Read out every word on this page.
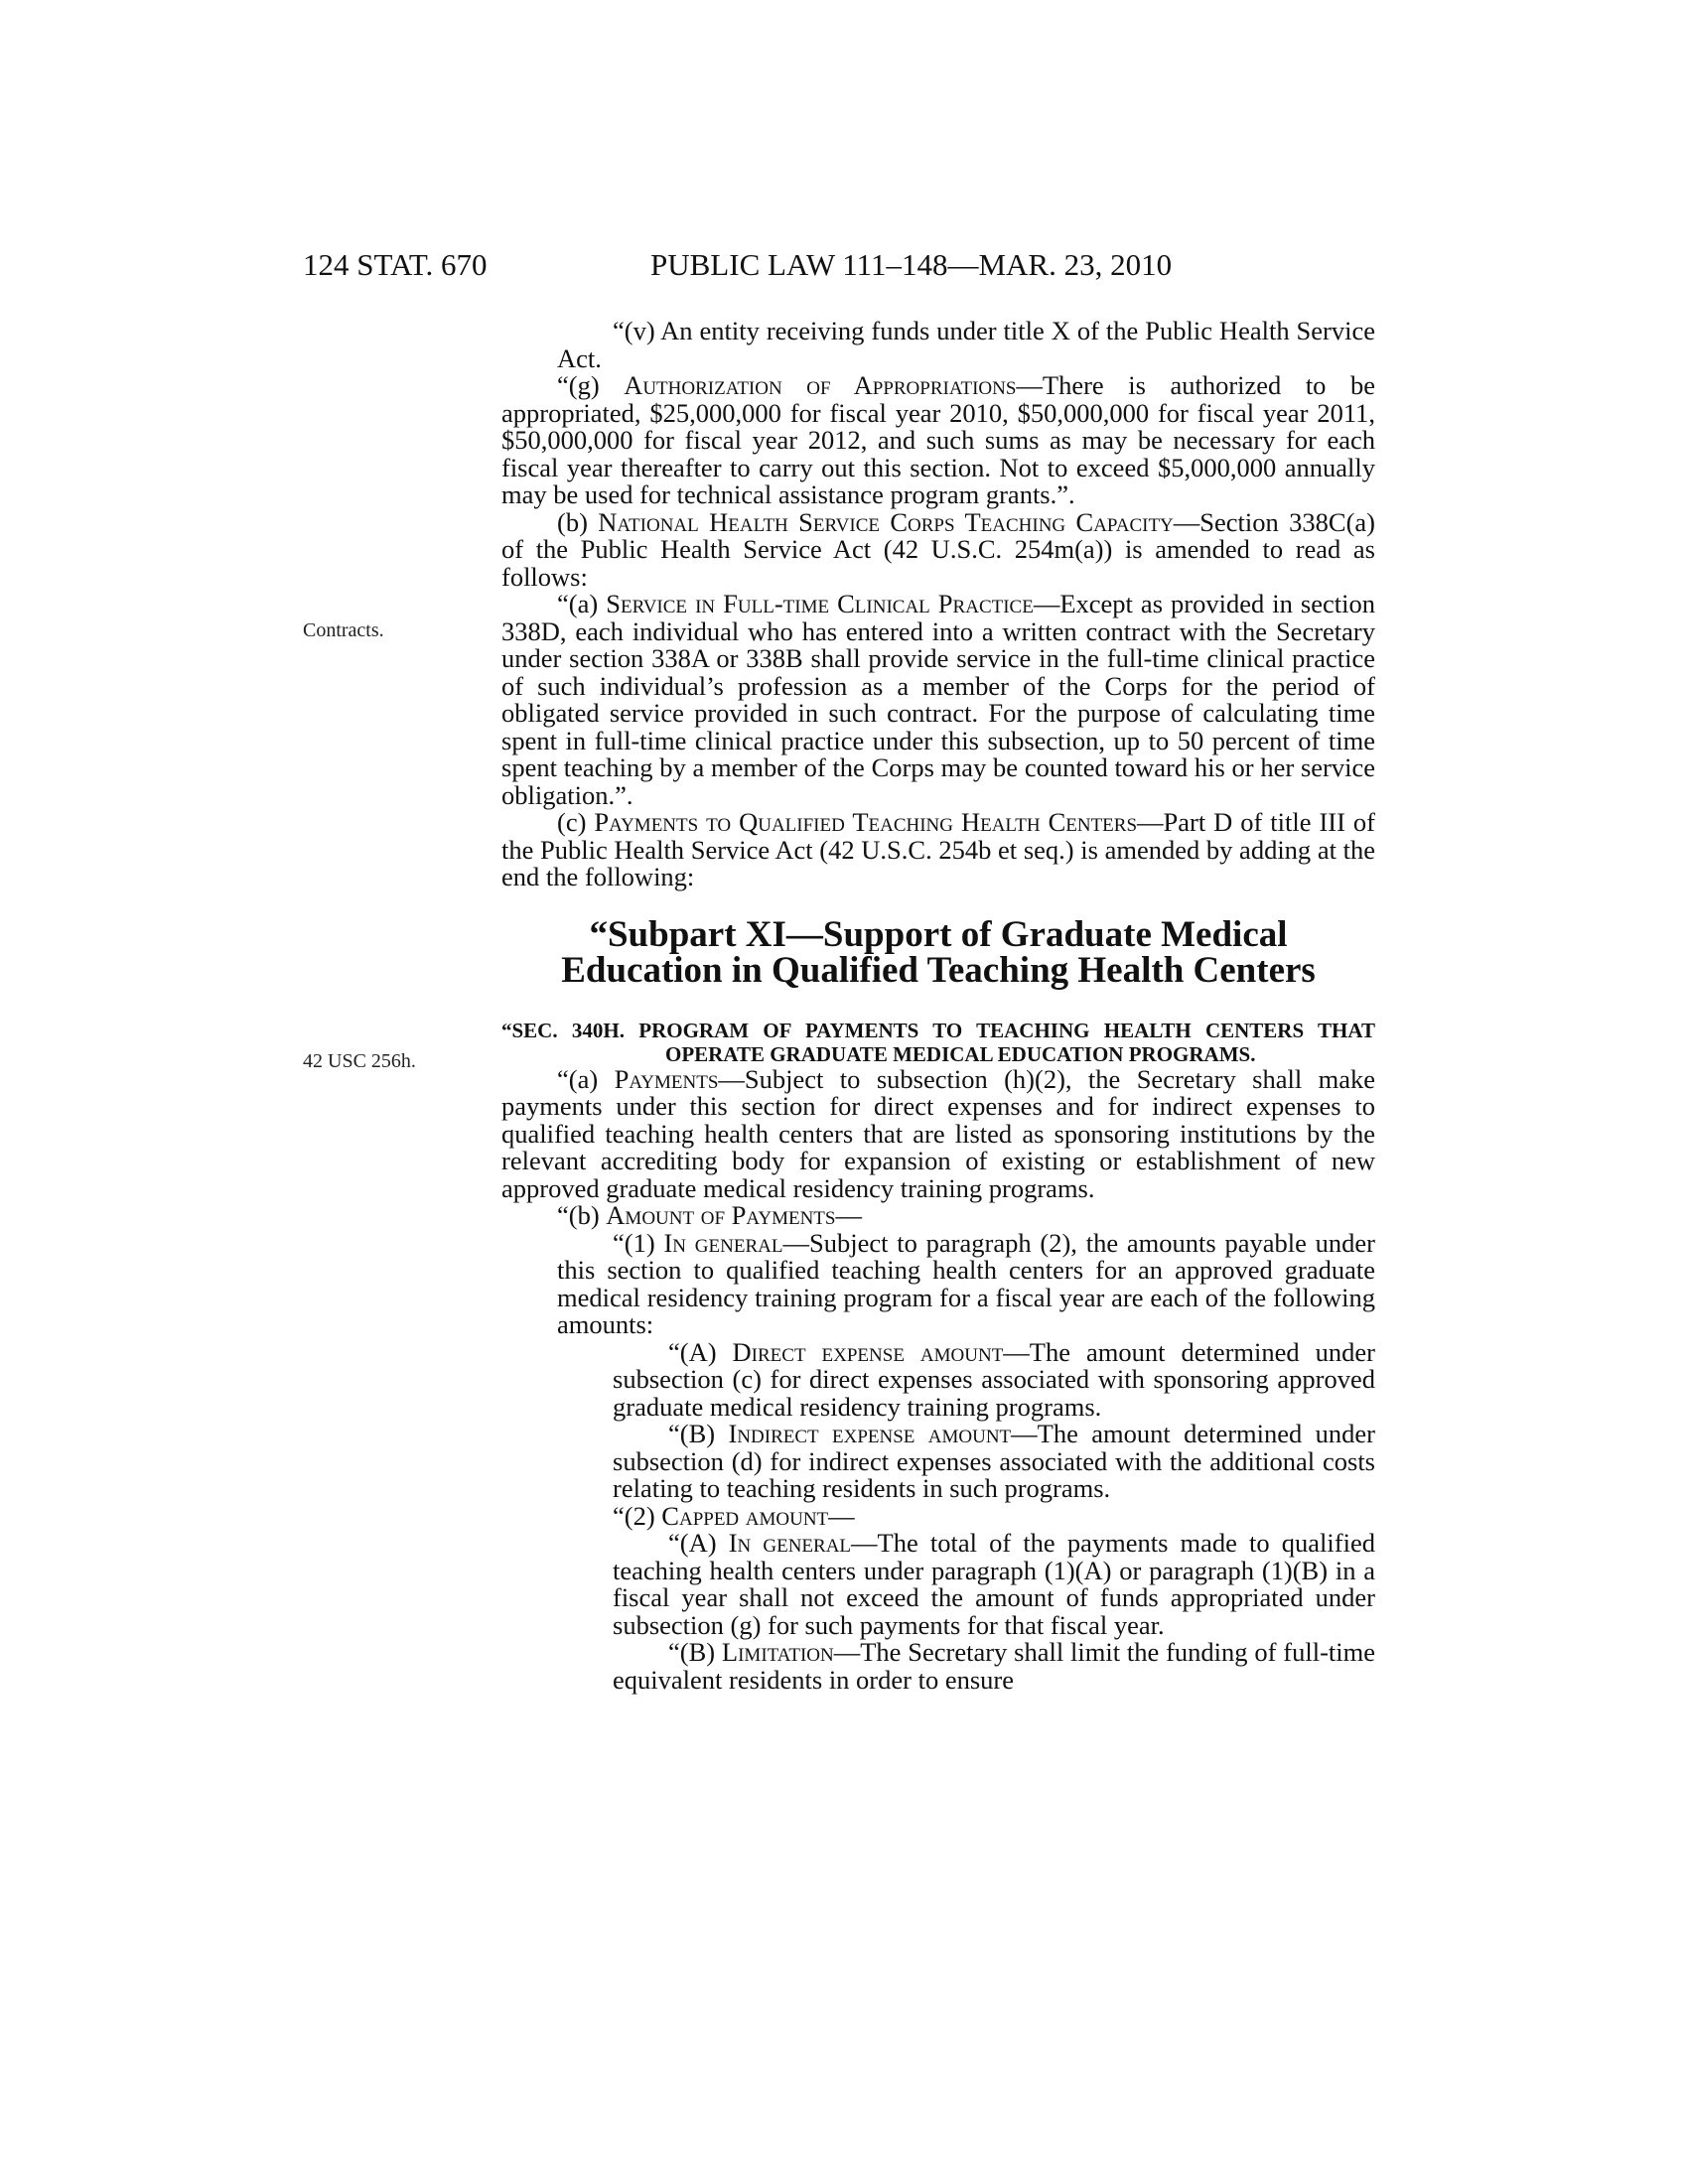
124 STAT. 670	PUBLIC LAW 111–148—MAR. 23, 2010
Contracts.
42 USC 256h.

“(v) An entity receiving funds under title X of the Public Health Service Act.

“(g) Authorization of Appropriations—There is authorized to be appropriated, $25,000,000 for fiscal year 2010, $50,000,000 for fiscal year 2011, $50,000,000 for fiscal year 2012, and such sums as may be necessary for each fiscal year thereafter to carry out this section. Not to exceed $5,000,000 annually may be used for technical assistance program grants.”.

(b) National Health Service Corps Teaching Capacity—Section 338C(a) of the Public Health Service Act (42 U.S.C. 254m(a)) is amended to read as follows:

“(a) Service in Full-time Clinical Practice—Except as provided in section 338D, each individual who has entered into a written contract with the Secretary under section 338A or 338B shall provide service in the full-time clinical practice of such individual’s profession as a member of the Corps for the period of obligated service provided in such contract. For the purpose of calculating time spent in full-time clinical practice under this subsection, up to 50 percent of time spent teaching by a member of the Corps may be counted toward his or her service obligation.”.

(c) Payments to Qualified Teaching Health Centers—Part D of title III of the Public Health Service Act (42 U.S.C. 254b et seq.) is amended by adding at the end the following:

“Subpart XI—Support of Graduate Medical
Education in Qualified Teaching Health Centers

“SEC. 340H. PROGRAM OF PAYMENTS TO TEACHING HEALTH CENTERS THAT OPERATE GRADUATE MEDICAL EDUCATION PROGRAMS.

“(a) Payments—Subject to subsection (h)(2), the Secretary shall make payments under this section for direct expenses and for indirect expenses to qualified teaching health centers that are listed as sponsoring institutions by the relevant accrediting body for expansion of existing or establishment of new approved graduate medical residency training programs.

“(b) Amount of Payments—

“(1) In general—Subject to paragraph (2), the amounts payable under this section to qualified teaching health centers for an approved graduate medical residency training program for a fiscal year are each of the following amounts:

“(A) Direct expense amount—The amount determined under subsection (c) for direct expenses associated with sponsoring approved graduate medical residency training programs.

“(B) Indirect expense amount—The amount determined under subsection (d) for indirect expenses associated with the additional costs relating to teaching residents in such programs.

“(2) Capped amount—

“(A) In general—The total of the payments made to qualified teaching health centers under paragraph (1)(A) or paragraph (1)(B) in a fiscal year shall not exceed the amount of funds appropriated under subsection (g) for such payments for that fiscal year.

“(B) Limitation—The Secretary shall limit the funding of full-time equivalent residents in order to ensure
